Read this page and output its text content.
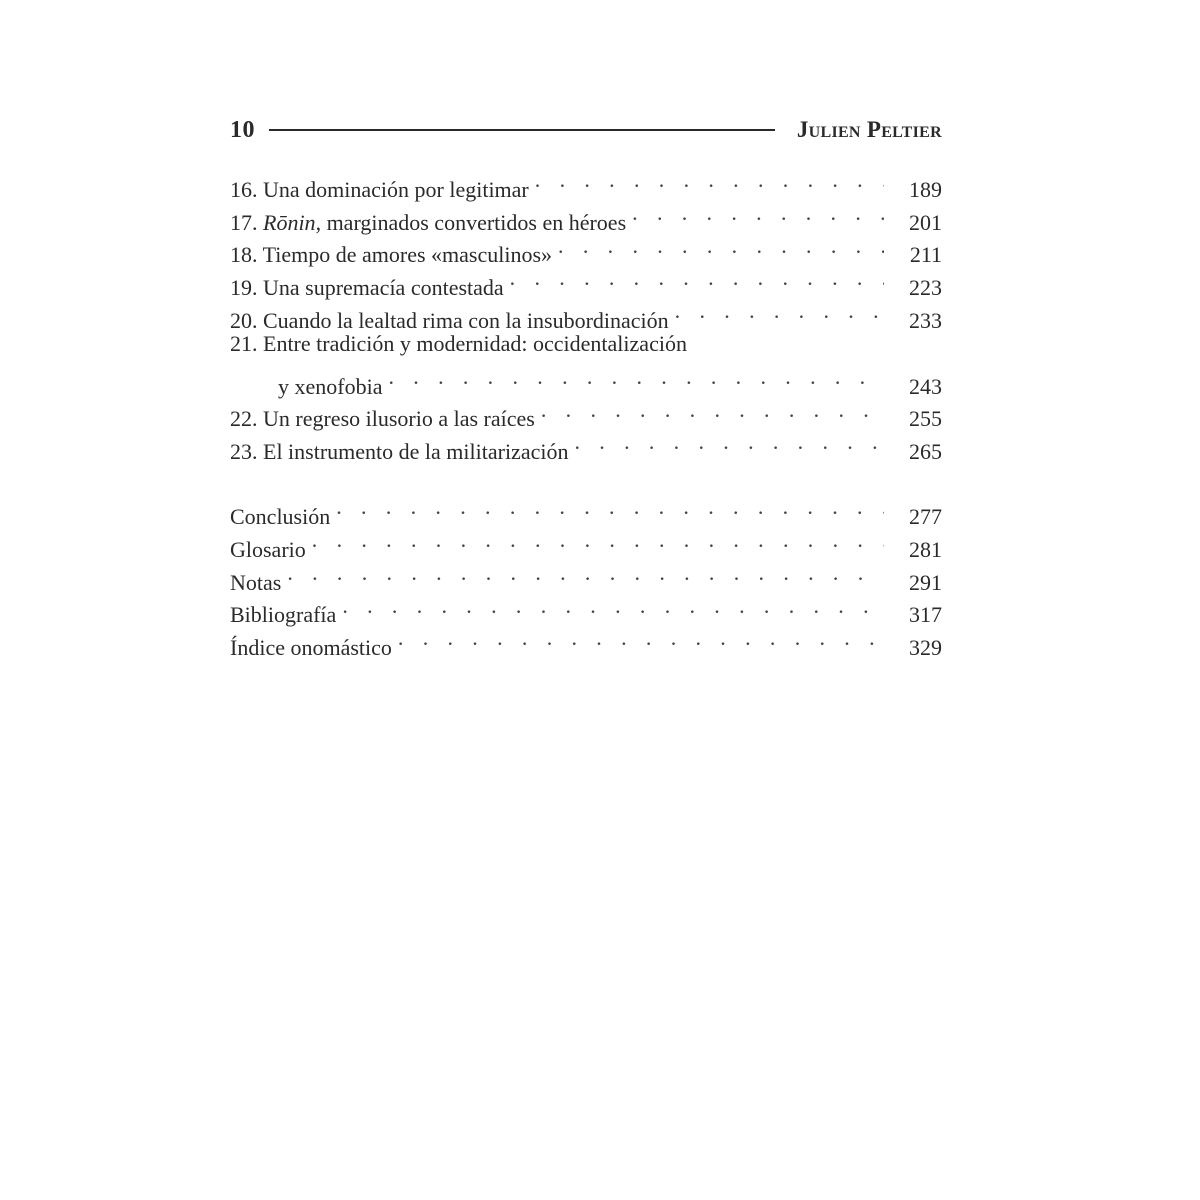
10	Julien Peltier
16. Una dominación por legitimar . . .	189
17. Rōnin, marginados convertidos en héroes . . .	201
18. Tiempo de amores «masculinos» . . .	211
19. Una supremacía contestada . . .	223
20. Cuando la lealtad rima con la insubordinación . . .	233
21. Entre tradición y modernidad: occidentalización
y xenofobia . . .	243
22. Un regreso ilusorio a las raíces . . .	255
23. El instrumento de la militarización . . .	265
Conclusión . . .	277
Glosario . . .	281
Notas . . .	291
Bibliografía . . .	317
Índice onomástico . . .	329
